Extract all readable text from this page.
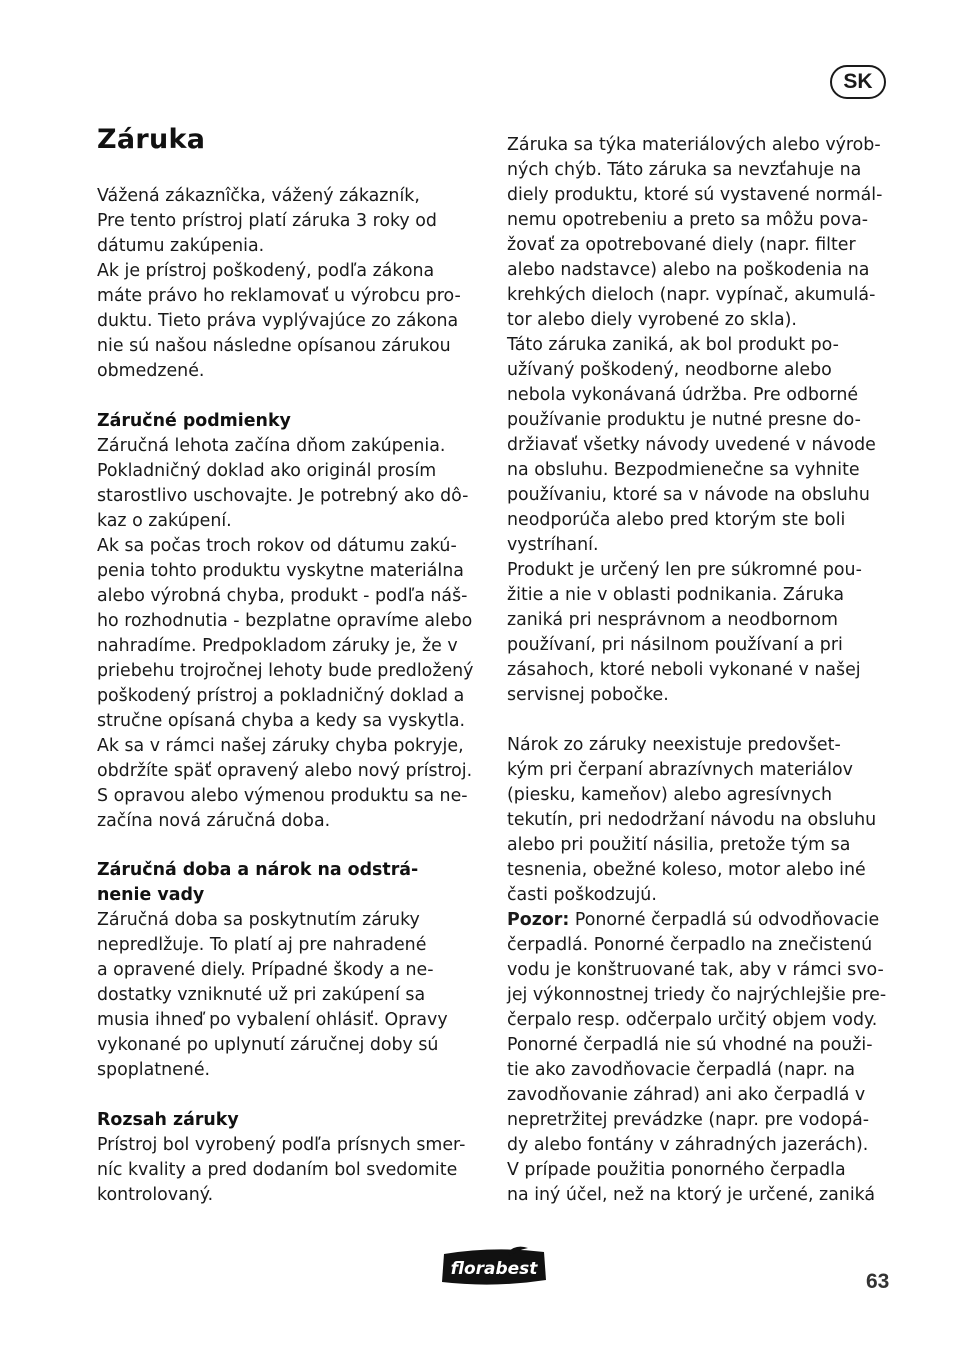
SK
Záruka
Vážená zákaznîčka, vážený zákazník,
Pre tento prístroj platí záruka 3 roky od
dátumu zakúpenia.
Ak je prístroj poškodený, podľa zákona
máte právo ho reklamovať u výrobcu pro-
duktu. Tieto práva vyplývajúce zo zákona
nie sú našou následne opísanou zárukou
obmedzené.
Záručné podmienky
Záručná lehota začína dňom zakúpenia.
Pokladničný doklad ako originál prosím
starostlivo uschovajte. Je potrebný ako dô-
kaz o zakúpení.
Ak sa počas troch rokov od dátumu zakú-
penia tohto produktu vyskytne materiálna
alebo výrobná chyba, produkt - podľa náš-
ho rozhodnutia - bezplatne opravíme alebo
nahradíme. Predpokladom záruky je, že v
priebehu trojročnej lehoty bude predložený
poškodený prístroj a pokladničný doklad a
stručne opísaná chyba a kedy sa vyskytla.
Ak sa v rámci našej záruky chyba pokryje,
obdržíte späť opravený alebo nový prístroj.
S opravou alebo výmenou produktu sa ne-
začína nová záručná doba.
Záručná doba a nárok na odstrá-
nenie vady
Záručná doba sa poskytnutím záruky
nepredlžuje. To platí aj pre nahradené
a opravené diely. Prípadné škody a ne-
dostatky vzniknuté už pri zakúpení sa
musia ihneď po vybalení ohlásiť. Opravy
vykonané po uplynutí záručnej doby sú
spoplatnené.
Rozsah záruky
Prístroj bol vyrobený podľa prísnych smer-
níc kvality a pred dodaním bol svedomite
kontrolovaný.
Záruka sa týka materiálových alebo výrob-
ných chýb. Táto záruka sa nevzťahuje na
diely produktu, ktoré sú vystavené normál-
nemu opotrebeniu a preto sa môžu pova-
žovať za opotrebované diely (napr. filter
alebo nadstavce) alebo na poškodenia na
krehkých dieloch (napr. vypínač, akumulá-
tor alebo diely vyrobené zo skla).
Táto záruka zaniká, ak bol produkt po-
užívaný poškodený, neodborne alebo
nebola vykonávaná údržba. Pre odborné
používanie produktu je nutné presne do-
držiavať všetky návody uvedené v návode
na obsluhu. Bezpodmienečne sa vyhnite
používaniu, ktoré sa v návode na obsluhu
neodporúča alebo pred ktorým ste boli
vystríhaní.
Produkt je určený len pre súkromné pou-
žitie a nie v oblasti podnikania. Záruka
zaniká pri nesprávnom a neodbornom
používaní, pri násilnom používaní a pri
zásahoch, ktoré neboli vykonané v našej
servisnej pobočke.
Nárok zo záruky neexistuje predovšet-
kým pri čerpaní abrazívnych materiálov
(piesku, kameňov) alebo agresívnych
tekutín, pri nedodržaní návodu na obsluhu
alebo pri použití násilia, pretože tým sa
tesnenia, obežné koleso, motor alebo iné
časti poškodzujú.
Pozor: Ponorné čerpadlá sú odvodňovacie
čerpadlá. Ponorné čerpadlo na znečistenú
vodu je konštruované tak, aby v rámci svo-
jej výkonnostnej triedy čo najrýchlejšie pre-
čerpalo resp. odčerpalo určitý objem vody.
Ponorné čerpadlá nie sú vhodné na použi-
tie ako zavodňovacie čerpadlá (napr. na
zavodňovanie záhrad) ani ako čerpadlá v
nepretržitej prevádzke (napr. pre vodopá-
dy alebo fontány v záhradných jazerách).
V prípade použitia ponorného čerpadla
na iný účel, než na ktorý je určené, zaniká
florabest
63
